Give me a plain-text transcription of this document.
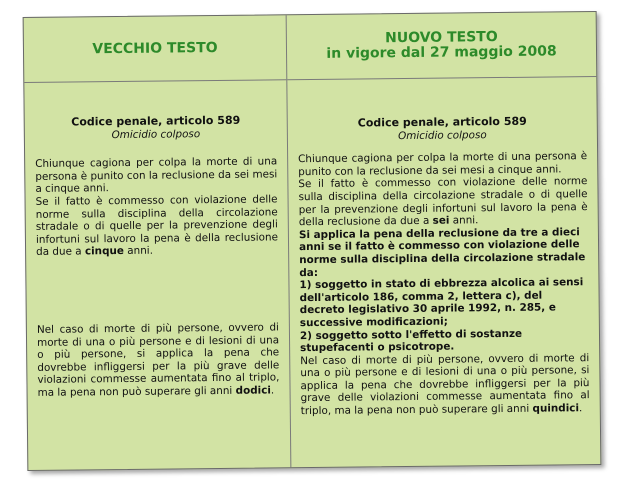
VECCHIO TESTO
Codice penale, articolo 589
Omicidio colposo

Chiunque cagiona per colpa la morte di una persona è punito con la reclusione da sei mesi a cinque anni.

Se il fatto è commesso con violazione delle norme sulla disciplina della circolazione stradale o di quelle per la prevenzione degli infortuni sul lavoro la pena è della reclusione da due a cinque anni.

Nel caso di morte di più persone, ovvero di morte di una o più persone e di lesioni di una o più persone, si applica la pena che dovrebbe infliggersi per la più grave delle violazioni commesse aumentata fino al triplo, ma la pena non può superare gli anni dodici.

NUOVO TESTO
in vigore dal 27 maggio 2008
Codice penale, articolo 589
Omicidio colposo

Chiunque cagiona per colpa la morte di una persona è punito con la reclusione da sei mesi a cinque anni.

Se il fatto è commesso con violazione delle norme sulla disciplina della circolazione stradale o di quelle per la prevenzione degli infortuni sul lavoro la pena è della reclusione da due a sei anni.

Si applica la pena della reclusione da tre a dieci anni se il fatto è commesso con violazione delle norme sulla disciplina della circolazione stradale da:

1) soggetto in stato di ebbrezza alcolica ai sensi dell'articolo 186, comma 2, lettera c), del decreto legislativo 30 aprile 1992, n. 285, e successive modificazioni;

2) soggetto sotto l'effetto di sostanze stupefacenti o psicotrope.

Nel caso di morte di più persone, ovvero di morte di una o più persone e di lesioni di una o più persone, si applica la pena che dovrebbe infliggersi per la più grave delle violazioni commesse aumentata fino al triplo, ma la pena non può superare gli anni quindici.
